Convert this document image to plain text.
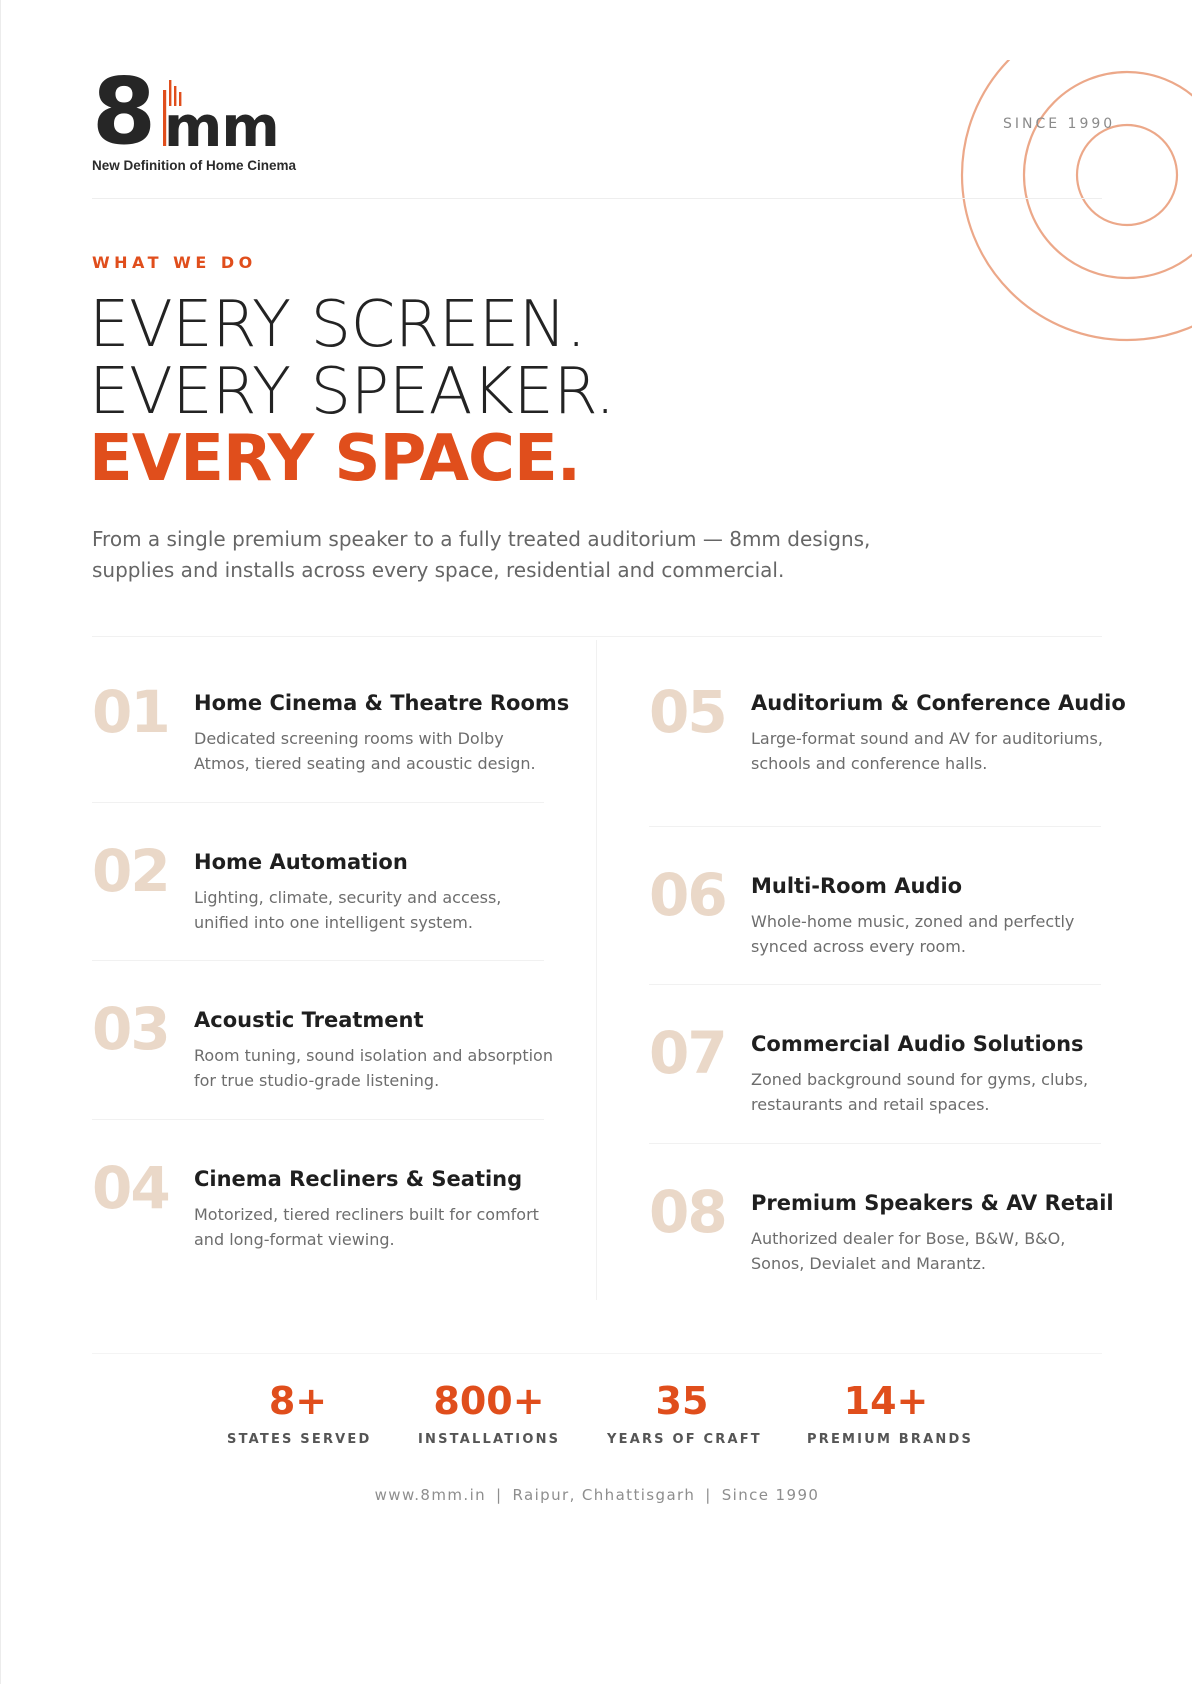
8 mm
New Definition of Home Cinema
SINCE 1990
WHAT WE DO
EVERY SCREEN.
EVERY SPEAKER.
EVERY SPACE.
From a single premium speaker to a fully treated auditorium — 8mm designs,
supplies and installs across every space, residential and commercial.
01 Home Cinema & Theatre Rooms
Dedicated screening rooms with Dolby Atmos, tiered seating and acoustic design.
02 Home Automation
Lighting, climate, security and access, unified into one intelligent system.
03 Acoustic Treatment
Room tuning, sound isolation and absorption for true studio-grade listening.
04 Cinema Recliners & Seating
Motorized, tiered recliners built for comfort and long-format viewing.
05 Auditorium & Conference Audio
Large-format sound and AV for auditoriums, schools and conference halls.
06 Multi-Room Audio
Whole-home music, zoned and perfectly synced across every room.
07 Commercial Audio Solutions
Zoned background sound for gyms, clubs, restaurants and retail spaces.
08 Premium Speakers & AV Retail
Authorized dealer for Bose, B&W, B&O, Sonos, Devialet and Marantz.
8+
STATES SERVED
800+
INSTALLATIONS
35
YEARS OF CRAFT
14+
PREMIUM BRANDS
www.8mm.in | Raipur, Chhattisgarh | Since 1990
